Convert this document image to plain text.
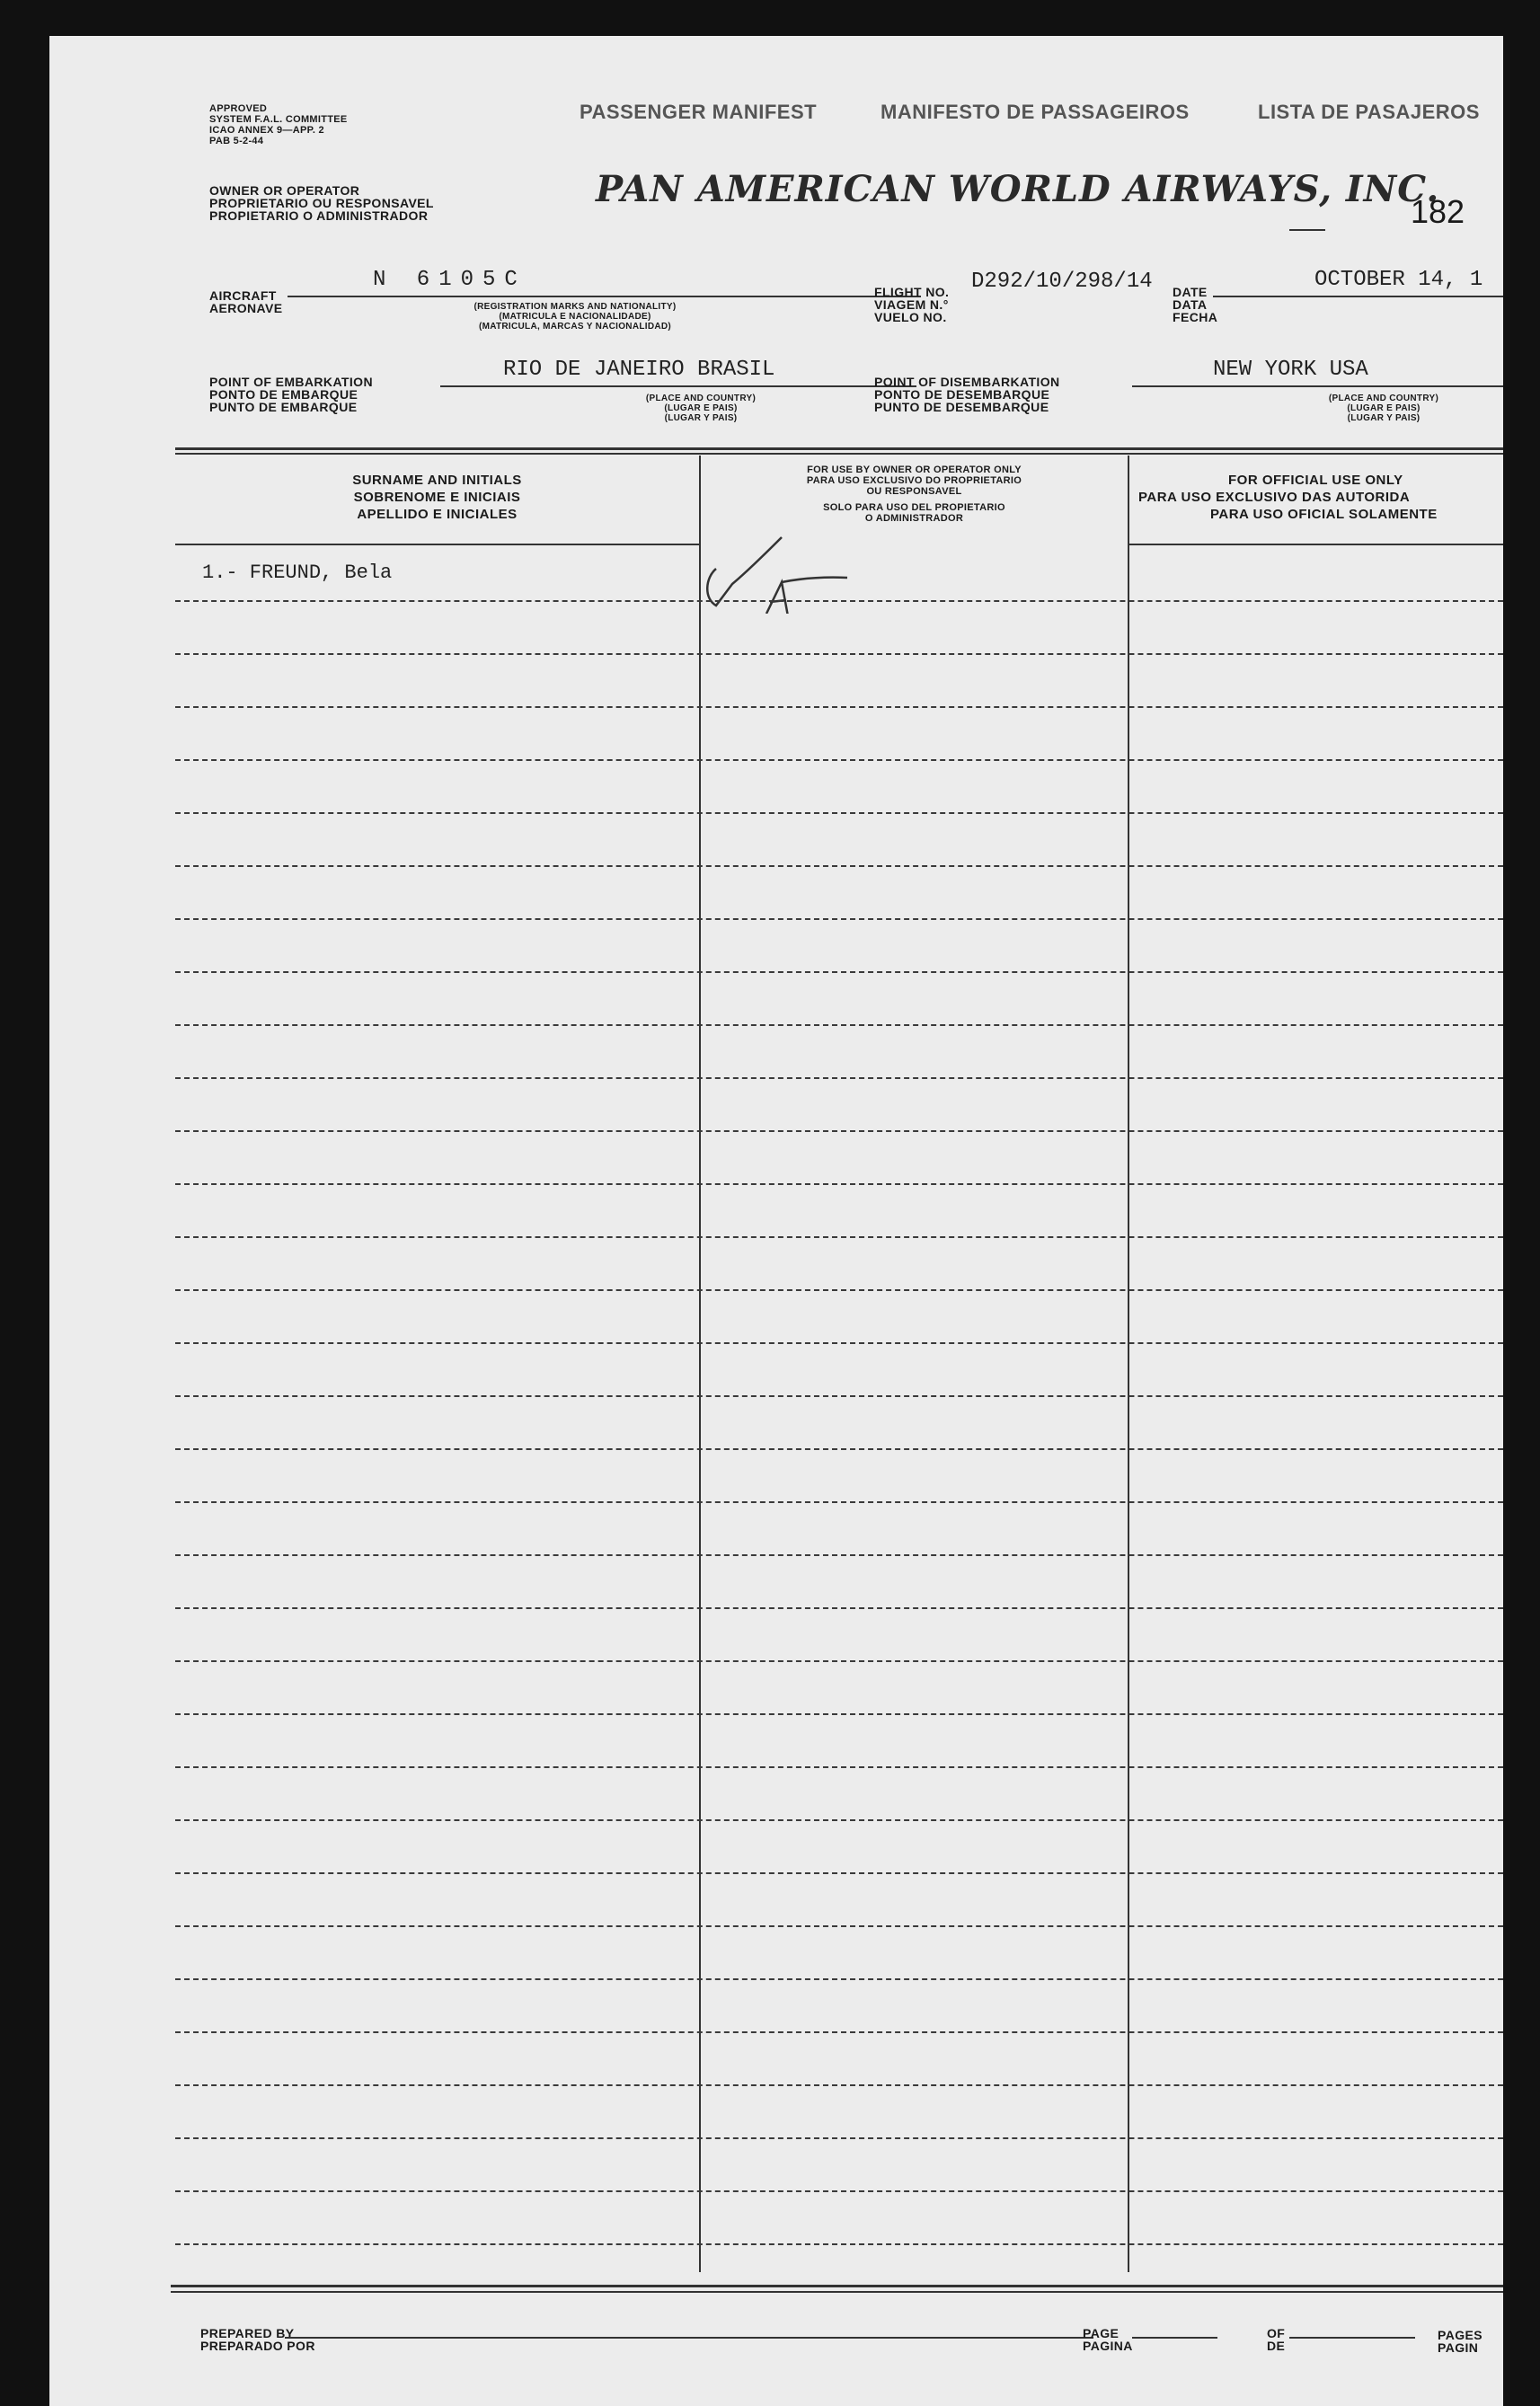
APPROVED
SYSTEM F.A.L. COMMITTEE
ICAO ANNEX 9—APP. 2
PAB 5-2-44
PASSENGER MANIFEST	MANIFESTO DE PASSAGEIROS	LISTA DE PASAJEROS
OWNER OR OPERATOR
PROPRIETARIO OU RESPONSAVEL
PROPIETARIO O ADMINISTRADOR
PAN AMERICAN WORLD AIRWAYS, INC.
182
AIRCRAFT
AERONAVE
N 6105C
(REGISTRATION MARKS AND NATIONALITY)
(MATRICULA E NACIONALIDADE)
(MATRICULA, MARCAS Y NACIONALIDAD)
FLIGHT NO.
VIAGEM N.°
VUELO NO.
D292/10/298/14 DATE
DATA
FECHA
OCTOBER 14, 1
POINT OF EMBARKATION
PONTO DE EMBARQUE
PUNTO DE EMBARQUE
RIO DE JANEIRO BRASIL
(PLACE AND COUNTRY)
(LUGAR E PAIS)
(LUGAR Y PAIS)
POINT OF DISEMBARKATION
PONTO DE DESEMBARQUE
PUNTO DE DESEMBARQUE
NEW YORK USA
(PLACE AND COUNTRY)
(LUGAR E PAIS)
(LUGAR Y PAIS)
SURNAME AND INITIALS
SOBRENOME E INICIAIS
APELLIDO E INICIALES
FOR USE BY OWNER OR OPERATOR ONLY
PARA USO EXCLUSIVO DO PROPRIETARIO
OU RESPONSAVEL
SOLO PARA USO DEL PROPIETARIO
O ADMINISTRADOR
FOR OFFICIAL USE ONLY
PARA USO EXCLUSIVO DAS AUTORIDA
PARA USO OFICIAL SOLAMENTE
1.- FREUND, Bela
PREPARED BY
PREPARADO POR
PAGE
PAGINA
OF
DE
PAGES
PAGIN
